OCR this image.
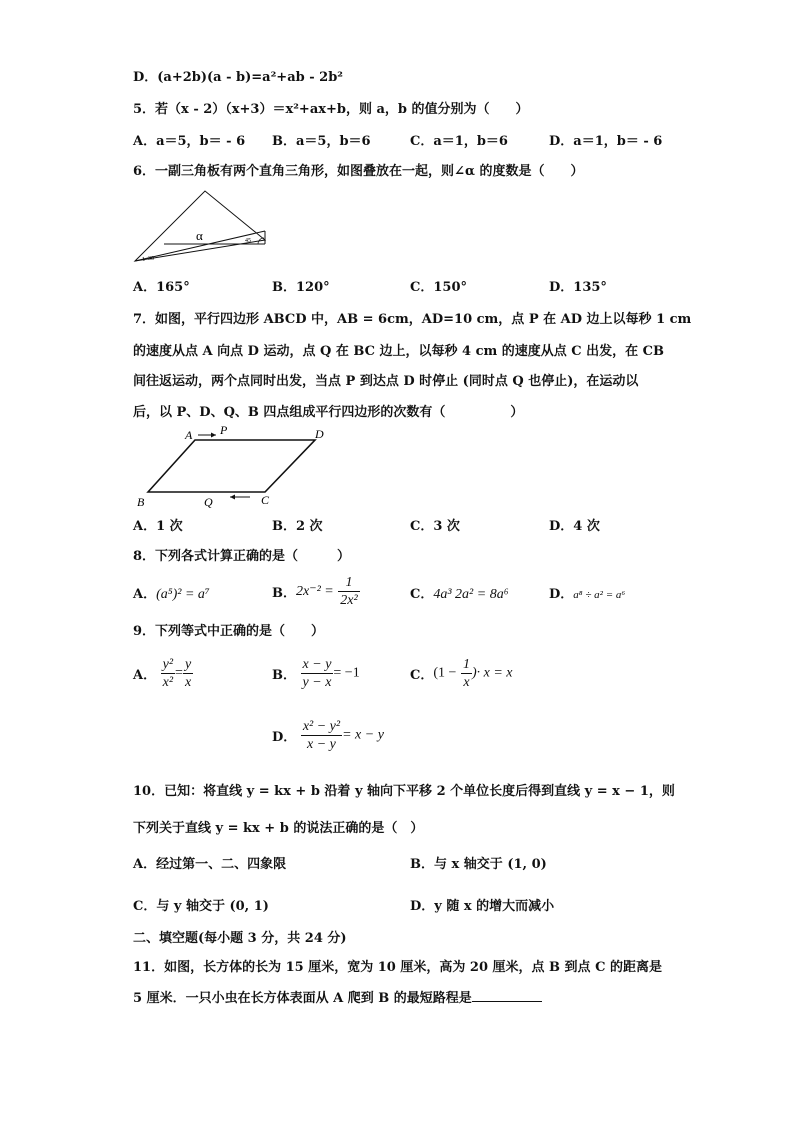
D．(a+2b)(a - b)=a²+ab - 2b²
5．若（x - 2）（x+3）＝x²+ax+b，则 a，b 的值分别为（　　）
A．a＝5，b＝ - 6 B．a＝5，b＝6	C．a＝1，b＝6	D．a＝1，b＝ - 6
6．一副三角板有两个直角三角形，如图叠放在一起，则∠α 的度数是（　　）
α	45
30
A．165°	B．120°	C．150°	D．135°
7．如图，平行四边形 ABCD 中，AB = 6cm，AD=10 cm，点 P 在 AD 边上以每秒 1 cm
的速度从点 A 向点 D 运动，点 Q 在 BC 边上，以每秒 4 cm 的速度从点 C 出发，在 CB
间往返运动，两个点同时出发，当点 P 到达点 D 时停止 (同时点 Q 也停止)，在运动以
后，以 P、D、Q、B 四点组成平行四边形的次数有（　　　　　）
A P	D
B	Q	C
A．1 次	B．2 次	C．3 次	D．4 次
8．下列各式计算正确的是（　　　）
A．(a⁵)² = a⁷	B．$2x^{-2} = \frac{1}{\text{2x²}}$	C．4a³ 2a² = 8a⁶	D．a⁸ ÷ a² = a⁶
9．下列等式中正确的是（　　）
A． $\frac{\text{y²}}{\text{x²}} = \frac{y}{x}$	B． $\frac{x - y}{y - x} = -1$	C．($1 - \frac{1}{x}$ )· x = x
D． $\frac{\text{x² − y²}}{x - y} = x - y$
10．已知：将直线 y = kx + b 沿着 y 轴向下平移 2 个单位长度后得到直线 y = x − 1，则
下列关于直线 y = kx + b 的说法正确的是（　）
A．经过第一、二、四象限	B．与 x 轴交于 (1, 0)
C．与 y 轴交于 (0, 1)	D．y 随 x 的增大而减小
二、填空题(每小题 3 分，共 24 分)
11．如图，长方体的长为 15 厘米，宽为 10 厘米，高为 20 厘米，点 B 到点 C 的距离是
5 厘米．一只小虫在长方体表面从 A 爬到 B 的最短路程是
